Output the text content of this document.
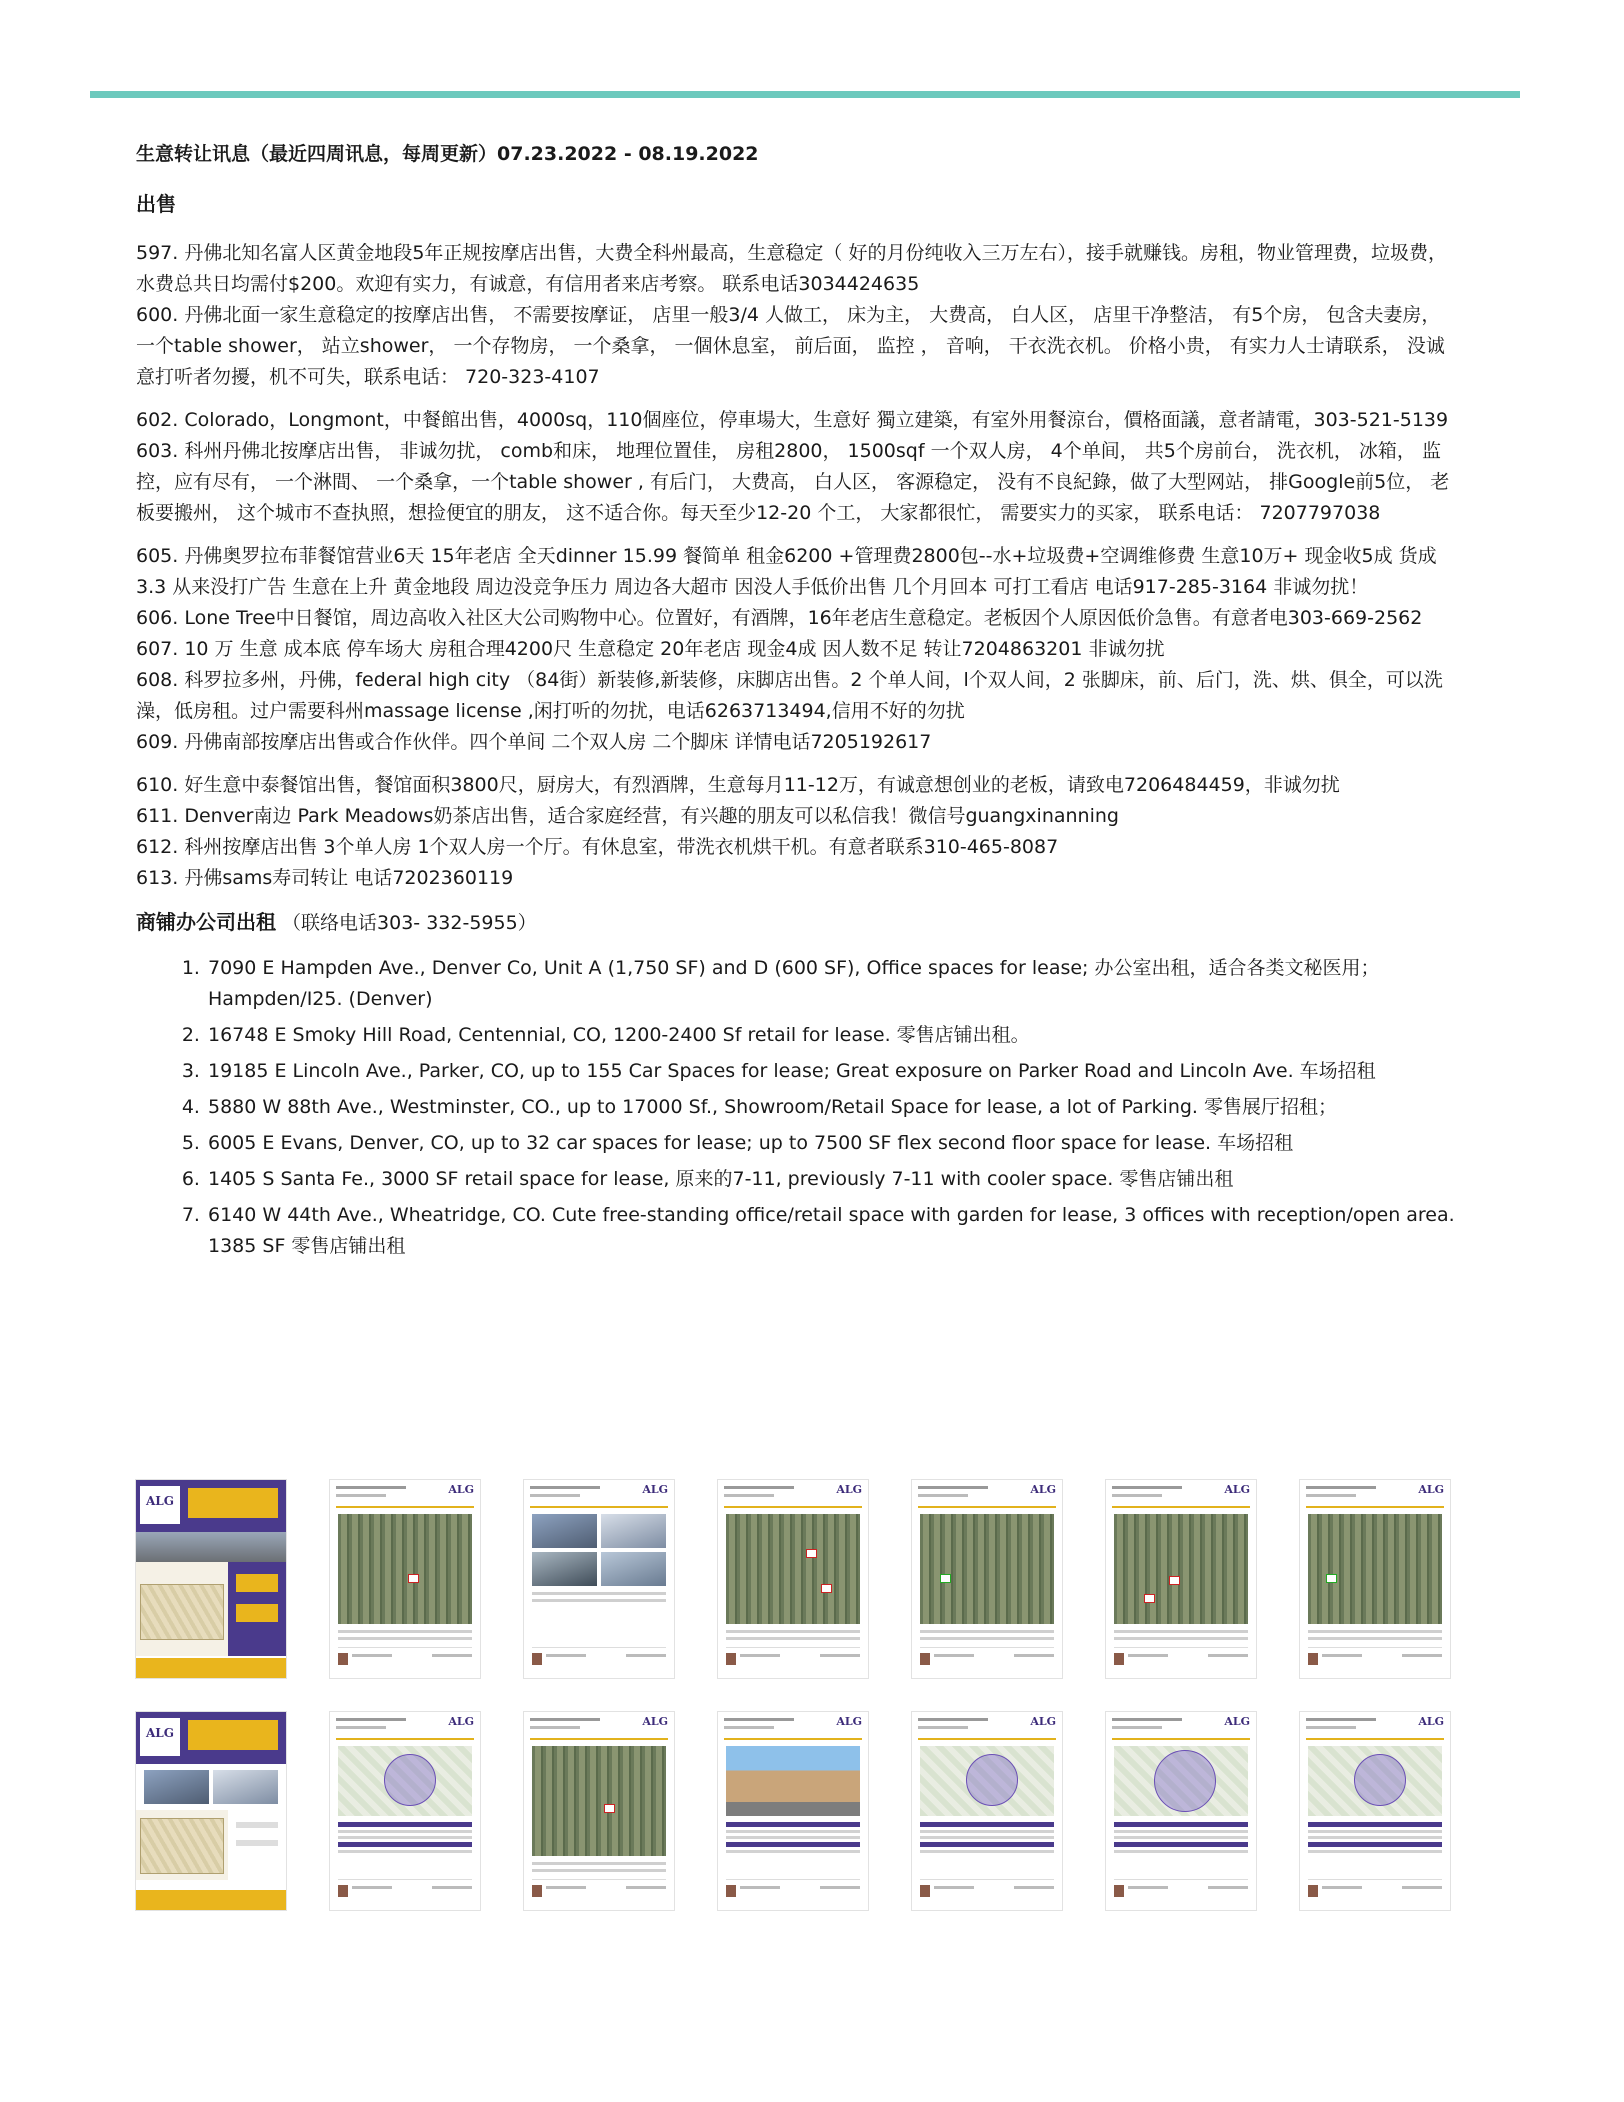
生意转让讯息（最近四周讯息，每周更新）07.23.2022 - 08.19.2022
出售

597. 丹佛北知名富人区黄金地段5年正规按摩店出售，大费全科州最高，生意稳定（ 好的月份纯收入三万左右），接手就赚钱。房租，物业管理费，垃圾费，水费总共日均需付$200。欢迎有实力，有诚意，有信用者来店考察。 联系电话3034424635

600. 丹佛北面一家生意稳定的按摩店出售， 不需要按摩证， 店里一般3/4 人做工， 床为主， 大费高， 白人区， 店里干净整洁， 有5个房， 包含夫妻房， 一个table shower， 站立shower， 一个存物房， 一个桑拿， 一個休息室， 前后面， 监控 ， 音响， 干衣洗衣机。 价格小贵， 有实力人士请联系， 没诚意打听者勿擾，机不可失，联系电话： 720-323-4107

602. Colorado，Longmont，中餐館出售，4000sq，110個座位，停車場大，生意好 獨立建築，有室外用餐涼台，價格面議，意者請電，303-521-5139

603. 科州丹佛北按摩店出售， 非诚勿扰， comb和床， 地理位置佳， 房租2800， 1500sqf 一个双人房， 4个单间， 共5个房前台， 洗衣机， 冰箱， 监控，应有尽有， 一个淋間、 一个桑拿，一个table shower , 有后门， 大费高， 白人区， 客源稳定， 没有不良紀錄，做了大型网站， 排Google前5位， 老板要搬州， 这个城市不查执照，想捡便宜的朋友， 这不适合你。每天至少12-20 个工， 大家都很忙， 需要实力的买家， 联系电话： 7207797038

605. 丹佛奥罗拉布菲餐馆营业6天 15年老店 全天dinner 15.99 餐简单 租金6200 +管理费2800包--水+垃圾费+空调维修费 生意10万+ 现金收5成 货成3.3 从来没打广告 生意在上升 黄金地段 周边没竞争压力 周边各大超市 因没人手低价出售 几个月回本 可打工看店 电话917-285-3164 非诚勿扰！

606. Lone Tree中日餐馆，周边高收入社区大公司购物中心。位置好，有酒牌，16年老店生意稳定。老板因个人原因低价急售。有意者电303-669-2562

607. 10 万 生意 成本底 停车场大 房租合理4200尺 生意稳定 20年老店 现金4成 因人数不足 转让7204863201 非诚勿扰

608. 科罗拉多州，丹佛，federal high city （84街）新装修,新装修，床脚店出售。2 个单人间，l个双人间，2 张脚床，前、后门，洗、烘、俱全，可以洗澡，低房租。过户需要科州massage license ,闲打听的勿扰，电话6263713494,信用不好的勿扰

609. 丹佛南部按摩店出售或合作伙伴。四个单间 二个双人房 二个脚床 详情电话7205192617

610. 好生意中泰餐馆出售，餐馆面积3800尺，厨房大，有烈酒牌，生意每月11-12万，有诚意想创业的老板，请致电7206484459，非诚勿扰

611. Denver南边 Park Meadows奶茶店出售，适合家庭经营，有兴趣的朋友可以私信我！微信号guangxinanning

612. 科州按摩店出售 3个单人房 1个双人房一个厅。有休息室，带洗衣机烘干机。有意者联系310-465-8087

613. 丹佛sams寿司转让 电话7202360119

商铺办公司出租 （联络电话303- 332-5955）
1. 7090 E Hampden Ave., Denver Co, Unit A (1,750 SF) and D (600 SF), Office spaces for lease; 办公室出租，适合各类文秘医用；Hampden/I25. (Denver)
2. 16748 E Smoky Hill Road, Centennial, CO, 1200-2400 Sf retail for lease. 零售店铺出租。
3. 19185 E Lincoln Ave., Parker, CO, up to 155 Car Spaces for lease; Great exposure on Parker Road and Lincoln Ave. 车场招租
4. 5880 W 88th Ave., Westminster, CO., up to 17000 Sf., Showroom/Retail Space for lease, a lot of Parking. 零售展厅招租；
5. 6005 E Evans, Denver, CO, up to 32 car spaces for lease; up to 7500 SF flex second floor space for lease. 车场招租
6. 1405 S Santa Fe., 3000 SF retail space for lease, 原来的7-11, previously 7-11 with cooler space. 零售店铺出租
7. 6140 W 44th Ave., Wheatridge, CO. Cute free-standing office/retail space with garden for lease, 3 offices with reception/open area. 1385 SF 零售店铺出租
ALG
ALG	ALG	ALG	ALG	ALG	ALG
ALG
ALG	ALG	ALG	ALG	ALG	ALG
